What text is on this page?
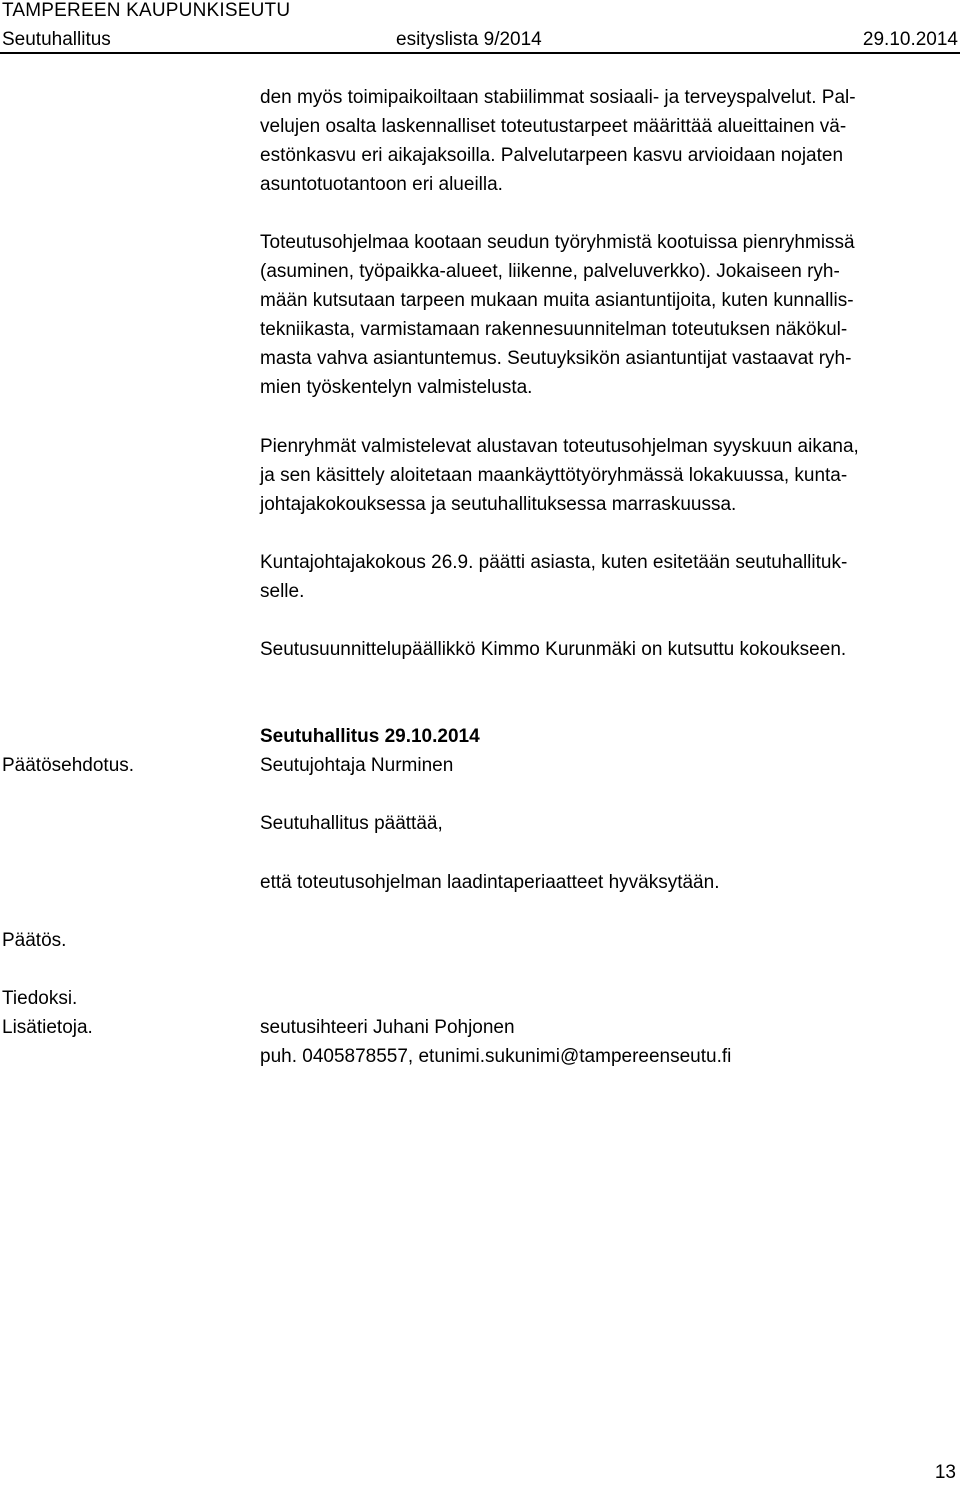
TAMPEREEN KAUPUNKISEUTU
Seutuhallitus	esityslista 9/2014	29.10.2014
den myös toimipaikoiltaan stabiilimmat sosiaali- ja terveyspalvelut. Pal-
velujen osalta laskennalliset toteutustarpeet määrittää alueittainen vä-
estönkasvu eri aikajaksoilla. Palvelutarpeen kasvu arvioidaan nojaten
asuntotuotantoon eri alueilla.
Toteutusohjelmaa kootaan seudun työryhmistä kootuissa pienryhmissä
(asuminen, työpaikka-alueet, liikenne, palveluverkko). Jokaiseen ryh-
mään kutsutaan tarpeen mukaan muita asiantuntijoita, kuten kunnallis-
tekniikasta, varmistamaan rakennesuunnitelman toteutuksen näkökul-
masta vahva asiantuntemus. Seutuyksikön asiantuntijat vastaavat ryh-
mien työskentelyn valmistelusta.
Pienryhmät valmistelevat alustavan toteutusohjelman syyskuun aikana,
ja sen käsittely aloitetaan maankäyttötyöryhmässä lokakuussa, kunta-
johtajakokouksessa ja seutuhallituksessa marraskuussa.
Kuntajohtajakokous 26.9. päätti asiasta, kuten esitetään seutuhallituk-
selle.
Seutusuunnittelupäällikkö Kimmo Kurunmäki on kutsuttu kokoukseen.
Seutuhallitus 29.10.2014
Päätösehdotus.	Seutujohtaja Nurminen
Seutuhallitus päättää,
että toteutusohjelman laadintaperiaatteet hyväksytään.
Päätös.
Tiedoksi.
Lisätietoja.	seutusihteeri Juhani Pohjonen
puh. 0405878557, etunimi.sukunimi@tampereenseutu.fi
13
